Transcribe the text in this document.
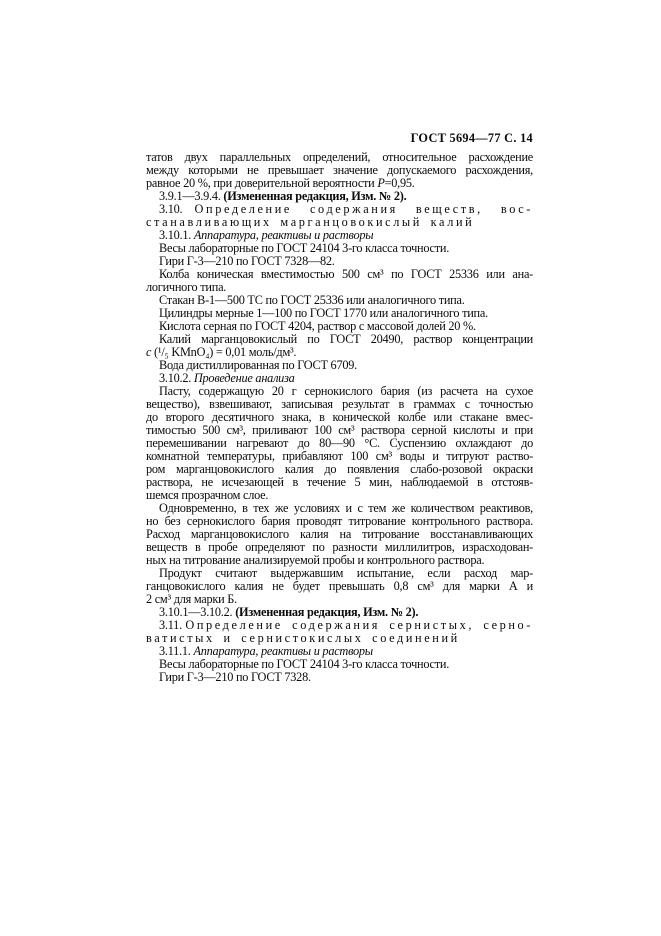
ГОСТ 5694—77 С. 14
татов двух параллельных определений, относительное расхождение
между которыми не превышает значение допускаемого расхождения,
равное 20 %, при доверительной вероятности Р=0,95.
3.9.1—3.9.4. (Измененная редакция, Изм. № 2).
3.10. Определение содержания веществ, вос-
станавливающих марганцовокислый калий
3.10.1. Аппаратура, реактивы и растворы
Весы лабораторные по ГОСТ 24104 3-го класса точности.
Гири Г-3—210 по ГОСТ 7328—82.
Колба коническая вместимостью 500 см³ по ГОСТ 25336 или ана-
логичного типа.
Стакан В-1—500 ТС по ГОСТ 25336 или аналогичного типа.
Цилиндры мерные 1—100 по ГОСТ 1770 или аналогичного типа.
Кислота серная по ГОСТ 4204, раствор с массовой долей 20 %.
Калий марганцовокислый по ГОСТ 20490, раствор концентрации
с (¹/₅ KMnO₄) = 0,01 моль/дм³.
Вода дистиллированная по ГОСТ 6709.
3.10.2. Проведение анализа
Пасту, содержащую 20 г сернокислого бария (из расчета на сухое
вещество), взвешивают, записывая результат в граммах с точностью
до второго десятичного знака, в конической колбе или стакане вмес-
тимостью 500 см³, приливают 100 см³ раствора серной кислоты и при
перемешивании нагревают до 80—90 °С. Суспензию охлаждают до
комнатной температуры, прибавляют 100 см³ воды и титруют раство-
ром марганцовокислого калия до появления слабо-розовой окраски
раствора, не исчезающей в течение 5 мин, наблюдаемой в отстояв-
шемся прозрачном слое.
Одновременно, в тех же условиях и с тем же количеством реактивов,
но без сернокислого бария проводят титрование контрольного раствора.
Расход марганцовокислого калия на титрование восстанавливающих
веществ в пробе определяют по разности миллилитров, израсходован-
ных на титрование анализируемой пробы и контрольного раствора.
Продукт считают выдержавшим испытание, если расход мар-
ганцовокислого калия не будет превышать 0,8 см³ для марки А и
2 см³ для марки Б.
3.10.1—3.10.2. (Измененная редакция, Изм. № 2).
3.11. Определение содержания сернистых, серно-
ватистых и сернистокислых соединений
3.11.1. Аппаратура, реактивы и растворы
Весы лабораторные по ГОСТ 24104 3-го класса точности.
Гири Г-3—210 по ГОСТ 7328.
